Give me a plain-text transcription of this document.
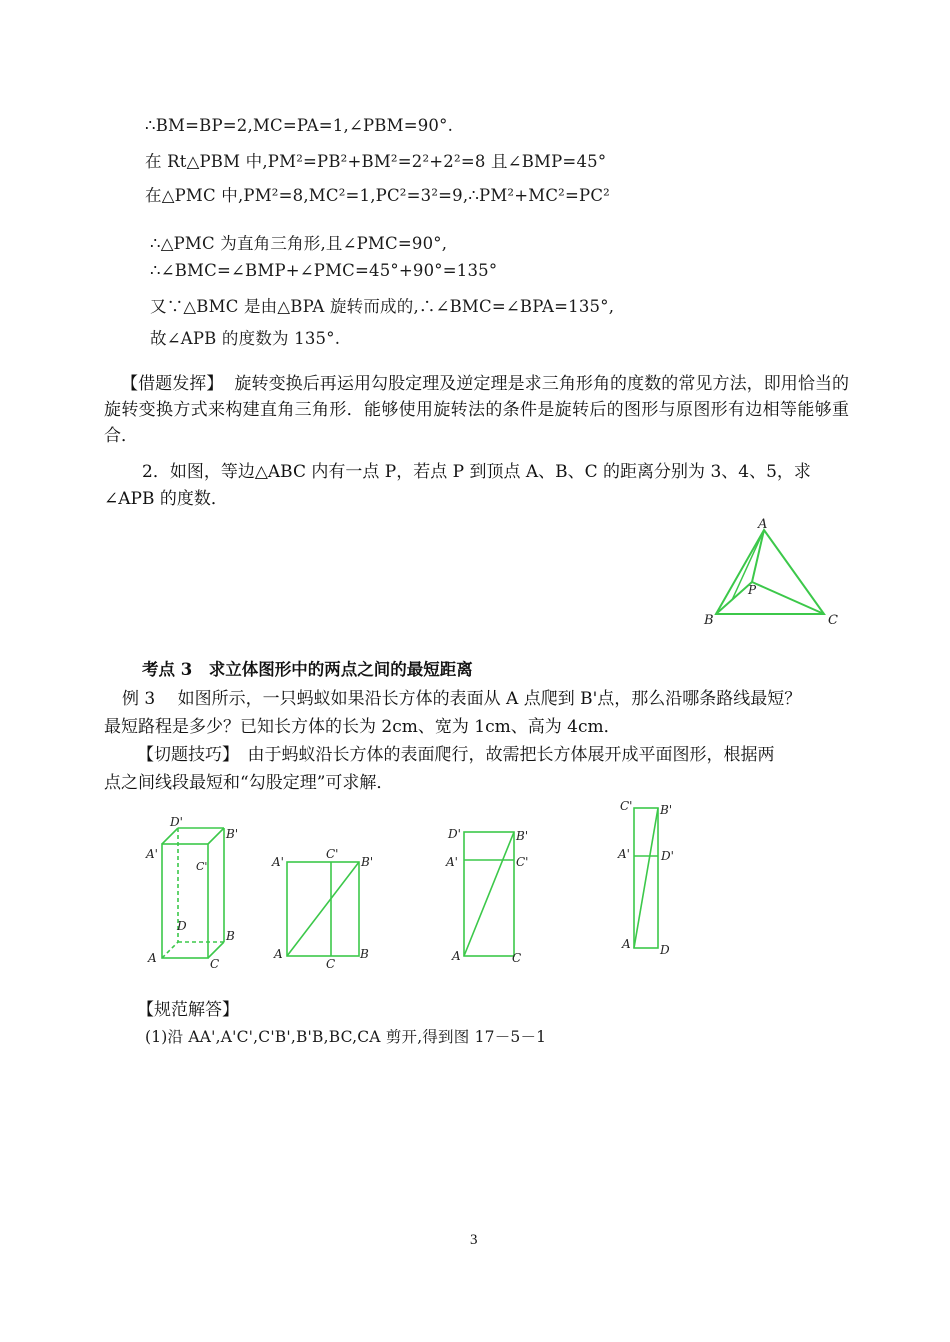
∴BM=BP=2,MC=PA=1,∠PBM=90°.
在 Rt△PBM 中,PM²=PB²+BM²=2²+2²=8 且∠BMP=45°
在△PMC 中,PM²=8,MC²=1,PC²=3²=9,∴PM²+MC²=PC²
∴△PMC 为直角三角形,且∠PMC=90°,
∴∠BMC=∠BMP+∠PMC=45°+90°=135°
又∵△BMC 是由△BPA 旋转而成的,∴∠BMC=∠BPA=135°,
故∠APB 的度数为 135°.
【借题发挥】 旋转变换后再运用勾股定理及逆定理是求三角形角的度数的常见方法，即用恰当的旋转变换方式来构建直角三角形．能够使用旋转法的条件是旋转后的图形与原图形有边相等能够重合．
2．如图，等边△ABC 内有一点 P，若点 P 到顶点 A、B、C 的距离分别为 3、4、5，求
∠APB 的度数．
A
B	C
P
考点 3　求立体图形中的两点之间的最短距离
例 3　 如图所示，一只蚂蚁如果沿长方体的表面从 A 点爬到 B'点，那么沿哪条路线最短？
最短路程是多少？已知长方体的长为 2cm、宽为 1cm、高为 4cm．
【切题技巧】　由于蚂蚁沿长方体的表面爬行，故需把长方体展开成平面图形，根据两
点之间线段最短和“勾股定理”可求解．
D'
B'
A'
C'
D
B
A	C
A'
C'
B'
A
C
B
D'	B'
A'	C'
A	C
C' B'
A'	D'
A D
【规范解答】
(1)沿 AA',A'C',C'B',B'B,BC,CA 剪开,得到图 17－5－1
3
